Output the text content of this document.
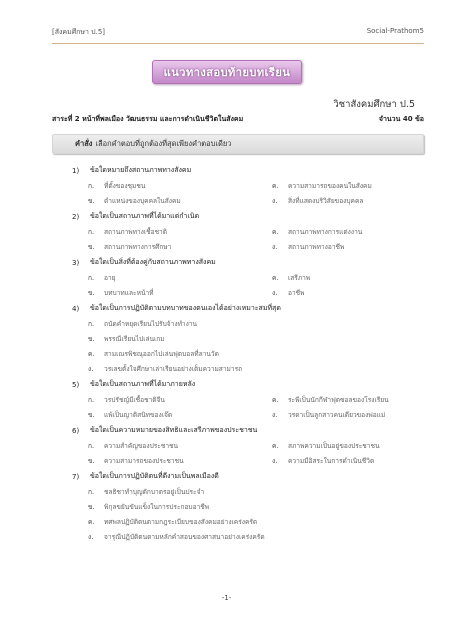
[สังคมศึกษา ป.5]	Social-Prathom5
แนวทางสอบท้ายบทเรียน
วิชาสังคมศึกษา ป.5
สาระที่ 2 หน้าที่พลเมือง วัฒนธรรม และการดำเนินชีวิตในสังคม	จำนวน 40 ข้อ
คำสั่ง เลือกคำตอบที่ถูกต้องที่สุดเพียงคำตอบเดียว
1)	ข้อใดหมายถึงสถานภาพทางสังคม
ก.	ที่ตั้งของชุมชน	ค.	ความสามารถของคนในสังคม
ข.	ตำแหน่งของบุคคลในสังคม	ง.	สิ่งที่แสดงบริวิสัยของบุคคล
2)	ข้อใดเป็นสถานภาพที่ได้มาแต่กำเนิด
ก.	สถานภาพทางเชื้อชาติ	ค.	สถานภาพทางการแต่งงาน
ข.	สถานภาพทางการศึกษา	ง.	สถานภาพทางอาชีพ
3)	ข้อใดเป็นสิ่งที่ต้องคู่กับสถานภาพทางสังคม
ก.	อายุ	ค.	เสรีภาพ
ข.	บทบาทและหน้าที่	ง.	อาชีพ
4)	ข้อใดเป็นการปฏิบัติตามบทบาทของตนเองได้อย่างเหมาะสมที่สุด
ก.	ถนัดคำหยุดเรียนไปรับจ้างทำงาน
ข.	พรรณีเรียนไปเล่นเกม
ค.	สามเณรพิชณุออกไปเล่นฟุตบอลที่ลานวัด
ง.	วรเลขตั้งใจศึกษาเล่าเรียนอย่างเต็มความสามารถ
5)	ข้อใดเป็นสถานภาพที่ได้มาภายหลัง
ก.	วรปรัชญ์มีเชื้อชาติจีน	ค.	ระพีเป็นนักกีฬาฟุตซอลของโรงเรียน
ข.	แพ้เป็นญาติสนิทของเจ๊ด	ง.	วรดาเป็นลูกสาวคนเดียวของพ่อแม่
6)	ข้อใดเป็นความหมายของสิทธิและเสรีภาพของประชาชน
ก.	ความสำคัญของประชาชน	ค.	สภาพความเป็นอยู่ของประชาชน
ข.	ความสามารถของประชาชน	ง.	ความมีอิสระในการดำเนินชีวิต
7)	ข้อใดเป็นการปฏิบัติตนที่ดีงามเป็นพลเมืองดี
ก.	ชลธิชาทำบุญตักบาตรอยู่เป็นประจำ
ข.	พิกุลขยันขันแข็งในการประกอบอาชีพ
ค.	ทศพลปฏิบัติตนตามกฎระเบียบของสังคมอย่างเคร่งครัด
ง.	จารุณีปฏิบัติตนตามหลักคำสอนของศาสนาอย่างเคร่งครัด
-1-
